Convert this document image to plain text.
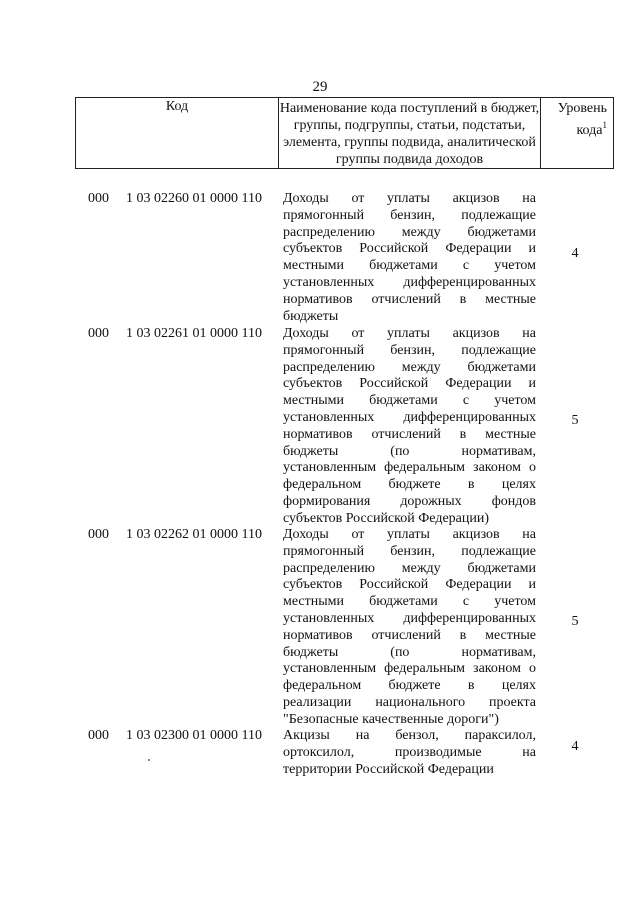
29
Код	Наименование кода поступлений в бюджет, группы, подгруппы, статьи, подстатьи, элемента, группы подвида, аналитической группы подвида доходов	Уровень кода$^1$
000 1 03 02260 01 0000 110 Доходы от уплаты акцизов на
прямогонный бензин, подлежащие
распределению между бюджетами
субъектов Российской Федерации и
местными бюджетами с учетом
установленных дифференцированных
нормативов отчислений в местные
бюджеты
4
000 1 03 02261 01 0000 110 Доходы от уплаты акцизов на
прямогонный бензин, подлежащие
распределению между бюджетами
субъектов Российской Федерации и
местными бюджетами с учетом
установленных дифференцированных
нормативов отчислений в местные
бюджеты (по нормативам,
установленным федеральным законом о
федеральном бюджете в целях
формирования дорожных фондов
субъектов Российской Федерации)
5
000 1 03 02262 01 0000 110 Доходы от уплаты акцизов на
прямогонный бензин, подлежащие
распределению между бюджетами
субъектов Российской Федерации и
местными бюджетами с учетом
установленных дифференцированных
нормативов отчислений в местные
бюджеты (по нормативам,
установленным федеральным законом о
федеральном бюджете в целях
реализации национального проекта
"Безопасные качественные дороги")
5
000 1 03 02300 01 0000 110 Акцизы на бензол, параксилол,
ортоксилол, производимые на
территории Российской Федерации
4
